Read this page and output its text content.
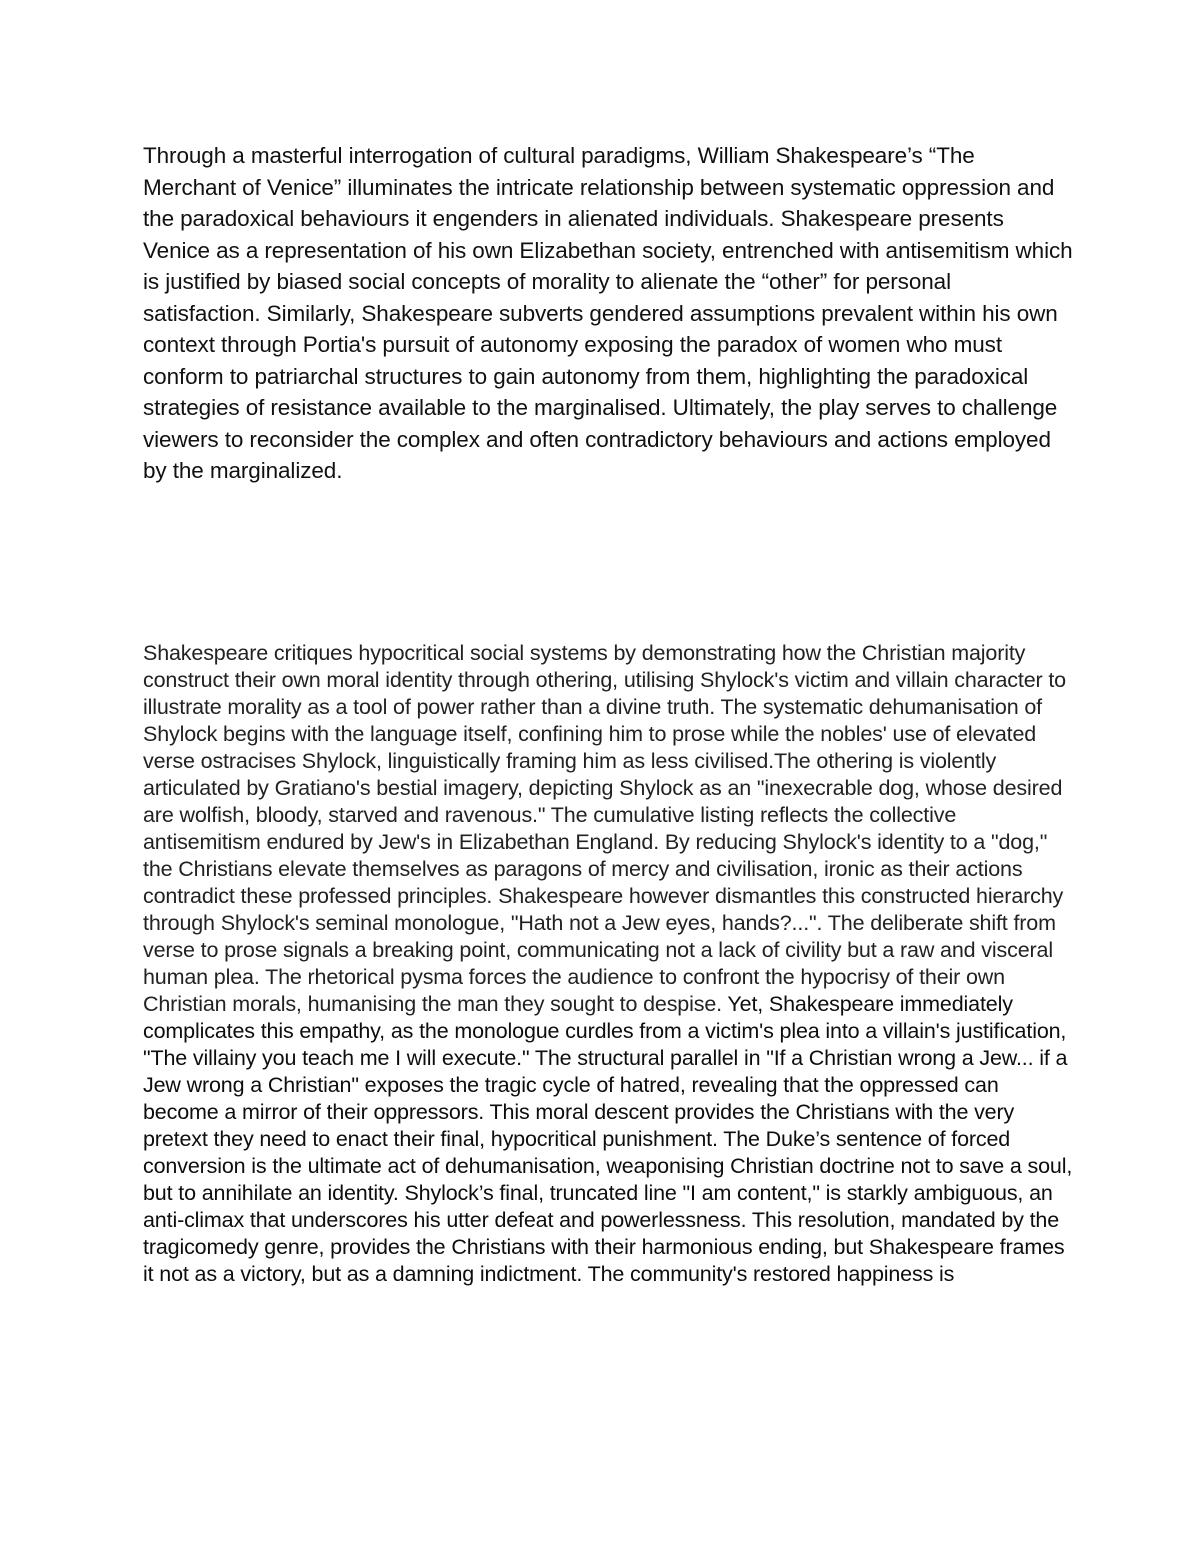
Through a masterful interrogation of cultural paradigms, William Shakespeare’s “The Merchant of Venice” illuminates the intricate relationship between systematic oppression and the paradoxical behaviours it engenders in alienated individuals. Shakespeare presents Venice as a representation of his own Elizabethan society, entrenched with antisemitism which is justified by biased social concepts of morality to alienate the “other” for personal satisfaction. Similarly, Shakespeare subverts gendered assumptions prevalent within his own context through Portia's pursuit of autonomy exposing the paradox of women who must conform to patriarchal structures to gain autonomy from them, highlighting the paradoxical strategies of resistance available to the marginalised. Ultimately, the play serves to challenge viewers to reconsider the complex and often contradictory behaviours and actions employed by the marginalized.

Shakespeare critiques hypocritical social systems by demonstrating how the Christian majority construct their own moral identity through othering, utilising Shylock's victim and villain character to illustrate morality as a tool of power rather than a divine truth. The systematic dehumanisation of Shylock begins with the language itself, confining him to prose while the nobles' use of elevated verse ostracises Shylock, linguistically framing him as less civilised.The othering is violently articulated by Gratiano's bestial imagery, depicting Shylock as an "inexecrable dog, whose desired are wolfish, bloody, starved and ravenous." The cumulative listing reflects the collective antisemitism endured by Jew's in Elizabethan England. By reducing Shylock's identity to a "dog," the Christians elevate themselves as paragons of mercy and civilisation, ironic as their actions contradict these professed principles. Shakespeare however dismantles this constructed hierarchy through Shylock's seminal monologue, "Hath not a Jew eyes, hands?...". The deliberate shift from verse to prose signals a breaking point, communicating not a lack of civility but a raw and visceral human plea. The rhetorical pysma forces the audience to confront the hypocrisy of their own Christian morals, humanising the man they sought to despise. Yet, Shakespeare immediately complicates this empathy, as the monologue curdles from a victim's plea into a villain's justification, "The villainy you teach me I will execute." The structural parallel in "If a Christian wrong a Jew... if a Jew wrong a Christian" exposes the tragic cycle of hatred, revealing that the oppressed can become a mirror of their oppressors. This moral descent provides the Christians with the very pretext they need to enact their final, hypocritical punishment. The Duke’s sentence of forced conversion is the ultimate act of dehumanisation, weaponising Christian doctrine not to save a soul, but to annihilate an identity. Shylock’s final, truncated line "I am content," is starkly ambiguous, an anti-climax that underscores his utter defeat and powerlessness. This resolution, mandated by the tragicomedy genre, provides the Christians with their harmonious ending, but Shakespeare frames it not as a victory, but as a damning indictment. The community's restored happiness is
